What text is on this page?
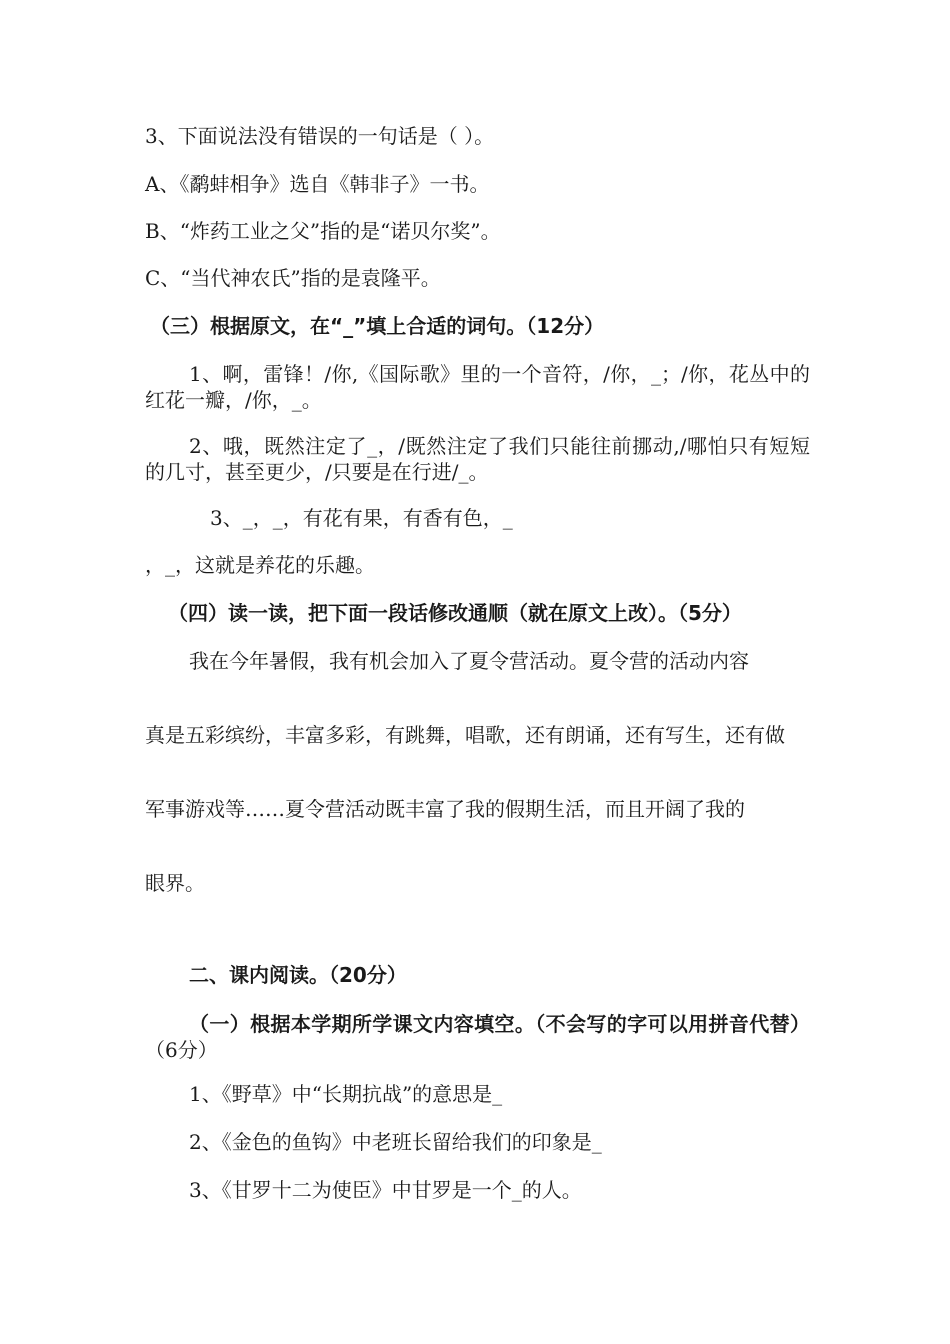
3、下面说法没有错误的一句话是（ ）。
A、《鹬蚌相争》选自《韩非子》一书。
B、“炸药工业之父”指的是“诺贝尔奖”。
C、“当代神农氏”指的是袁隆平。
（三）根据原文，在“_”填上合适的词句。（12分）
1、啊，雷锋！/你,《国际歌》里的一个音符，/你，_；/你，花丛中的红花一瓣，/你，_。
2、哦，既然注定了_，/既然注定了我们只能往前挪动,/哪怕只有短短的几寸，甚至更少，/只要是在行进/_。
3、_，_，有花有果，有香有色，_
，_，这就是养花的乐趣。
（四）读一读，把下面一段话修改通顺（就在原文上改）。（5分）
我在今年暑假，我有机会加入了夏令营活动。夏令营的活动内容
真是五彩缤纷，丰富多彩，有跳舞，唱歌，还有朗诵，还有写生，还有做
军事游戏等……夏令营活动既丰富了我的假期生活，而且开阔了我的
眼界。
二、课内阅读。（20分）
（一）根据本学期所学课文内容填空。（不会写的字可以用拼音代替）（6分）
1、《野草》中“长期抗战”的意思是_
2、《金色的鱼钩》中老班长留给我们的印象是_
3、《甘罗十二为使臣》中甘罗是一个_的人。
